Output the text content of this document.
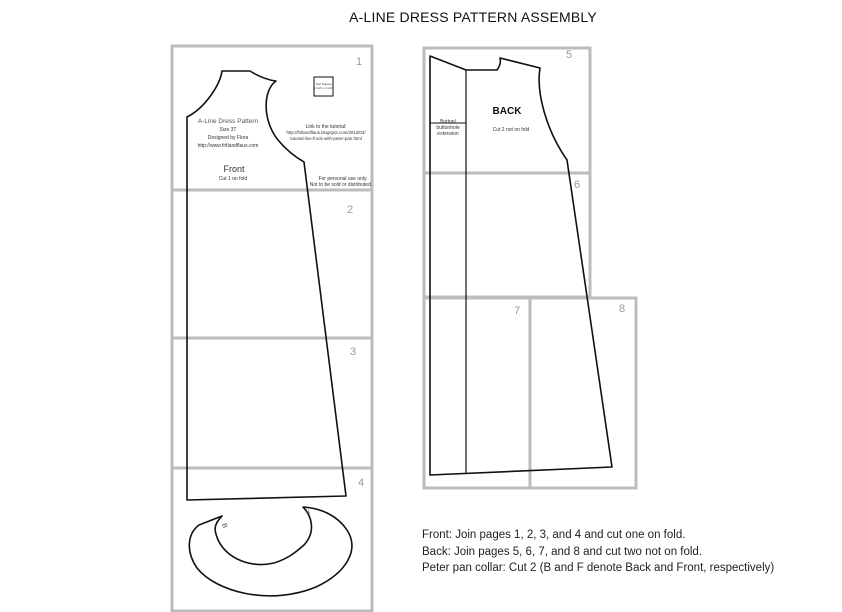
A-LINE DRESS PATTERN ASSEMBLY
1
2
3
4
5
6
7	8
Test Square
1 inch x 1 inch
A-Line Dress Pattern
Size 3T
Designed by Flora
http://www.fritlandflaus.com
Link to the tutorial:
http://fritlandflaus.blogspot.com/2013/03/
tutorial-line-frock-with-peter-pan.html
Front
Cut 1 on fold	For personal use only.
Not to be sold or distributed.
B
F
Button/
buttonhole
extension
BACK
Cut 2 not on fold
Front: Join pages 1, 2, 3, and 4 and cut one on fold.
Back: Join pages 5, 6, 7, and 8 and cut two not on fold.
Peter pan collar: Cut 2 (B and F denote Back and Front, respectively)
